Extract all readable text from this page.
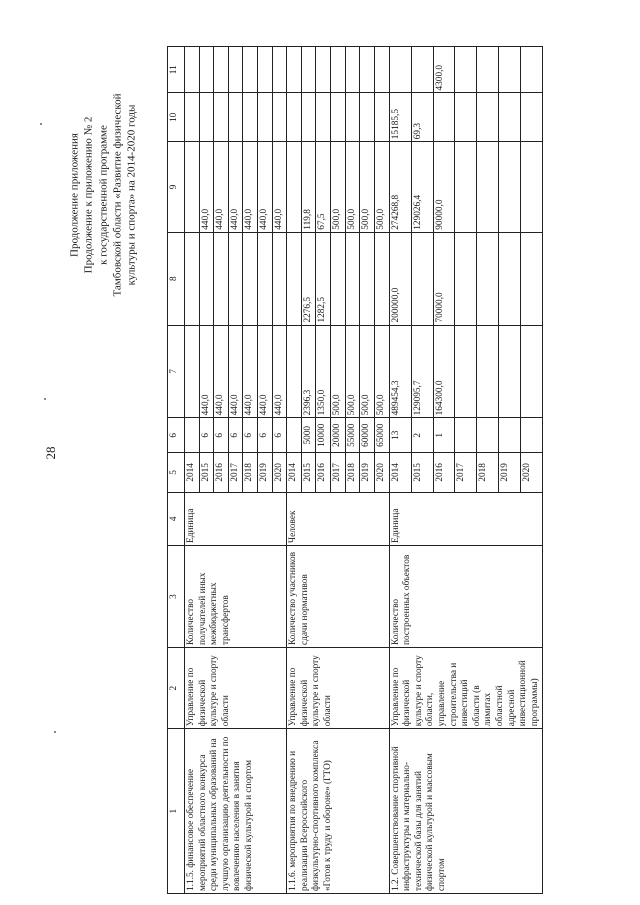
28
Продолжение приложения Продолжение к приложению № 2 к государственной программе Тамбовской области «Развитие физической культуры и спорта» на 2014-2020 годы
1	2	3	4	5	6	7	8	9	10	11
1.1.5. финансовое обеспечение мероприятий областного конкурса среди муниципальных образований на лучшую организацию деятельности по вовлечению населения в занятия физической культурой и спортом	Управление по физической культуре и спорту области	Количество получателей иных межбюджетных трансфертов	Единица	2014						
				2015	6	440,0		440,0		
				2016	6	440,0		440,0		
				2017	6	440,0		440,0		
				2018	6	440,0		440,0		
				2019	6	440,0		440,0		
				2020	6	440,0		440,0		
1.1.6. мероприятия по внедрению и реализации Всероссийского физкультурно-спортивного комплекса «Готов к труду и обороне» (ГТО)	Управление по физической культуре и спорту области	Количество участников сдачи нормативов	Человек	2014						
				2015	5000	2396,3	2276,5	119,8		
				2016	10000	1350,0	1282,5	67,5		
				2017	20000	500,0		500,0		
				2018	55000	500,0		500,0		
				2019	60000	500,0		500,0		
				2020	65000	500,0		500,0		
1.2. Совершенствование спортивной инфраструктуры и материально-технической базы для занятий физической культурой и массовым спортом	Управление по физической культуре и спорту области, управление строительства и инвестиций области (в лимитах областной адресной инвестиционной программы)	Количество построенных объектов	Единица	2014	13	489454,3	200000,0	274268,8	15185,5	
				2015	2	129095,7		129026,4	69,3	
				2016	1	164300,0	70000,0	90000,0		4300,0
				2017						
				2018						
				2019						
				2020						
